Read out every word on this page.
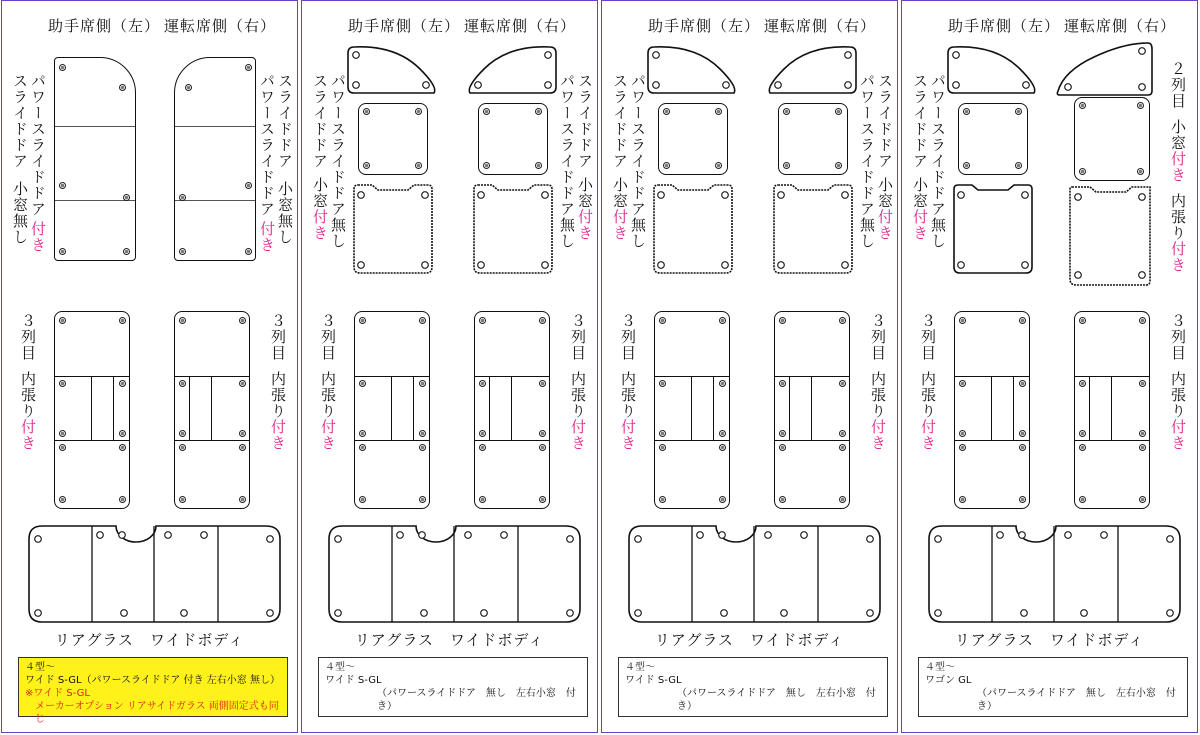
助手席側（左） 運転席側（右）
パワースライドドア
スライドドア
小窓無し 付き
スライドドア
パワースライドドア 小窓無し
付き
３列目
内張り付き
３列目
内張り付き
リアグラス　ワイドボディ
４型～
ワイド S-GL（パワースライドドア 付き 左右小窓 無し）
※ワイド S-GL
メーカーオプション リアサイドガラス 両側固定式も同じ
助手席側（左） 運転席側（右）
パワースライドドア
スライドドア
小窓付き 無し
スライドドア
パワースライドドア 小窓付き
無し
３列目
内張り付き
３列目
内張り付き
リアグラス　ワイドボディ
４型～
ワイド S-GL
（パワースライドドア　無し　左右小窓　付き）
助手席側（左） 運転席側（右）
パワースライドドア
スライドドア
小窓付き 無し
スライドドア
パワースライドドア 小窓付き
無し
３列目
内張り付き
３列目
内張り付き
リアグラス　ワイドボディ
４型～
ワイド S-GL
（パワースライドドア　無し　左右小窓　付き）
助手席側（左） 運転席側（右）
パワースライドドア
スライドドア
小窓付き 無し
２列目
小窓付き
内張り付き
３列目
内張り付き
３列目
内張り付き
リアグラス　ワイドボディ
４型～
ワゴン GL
（パワースライドドア　無し　左右小窓　付き）
